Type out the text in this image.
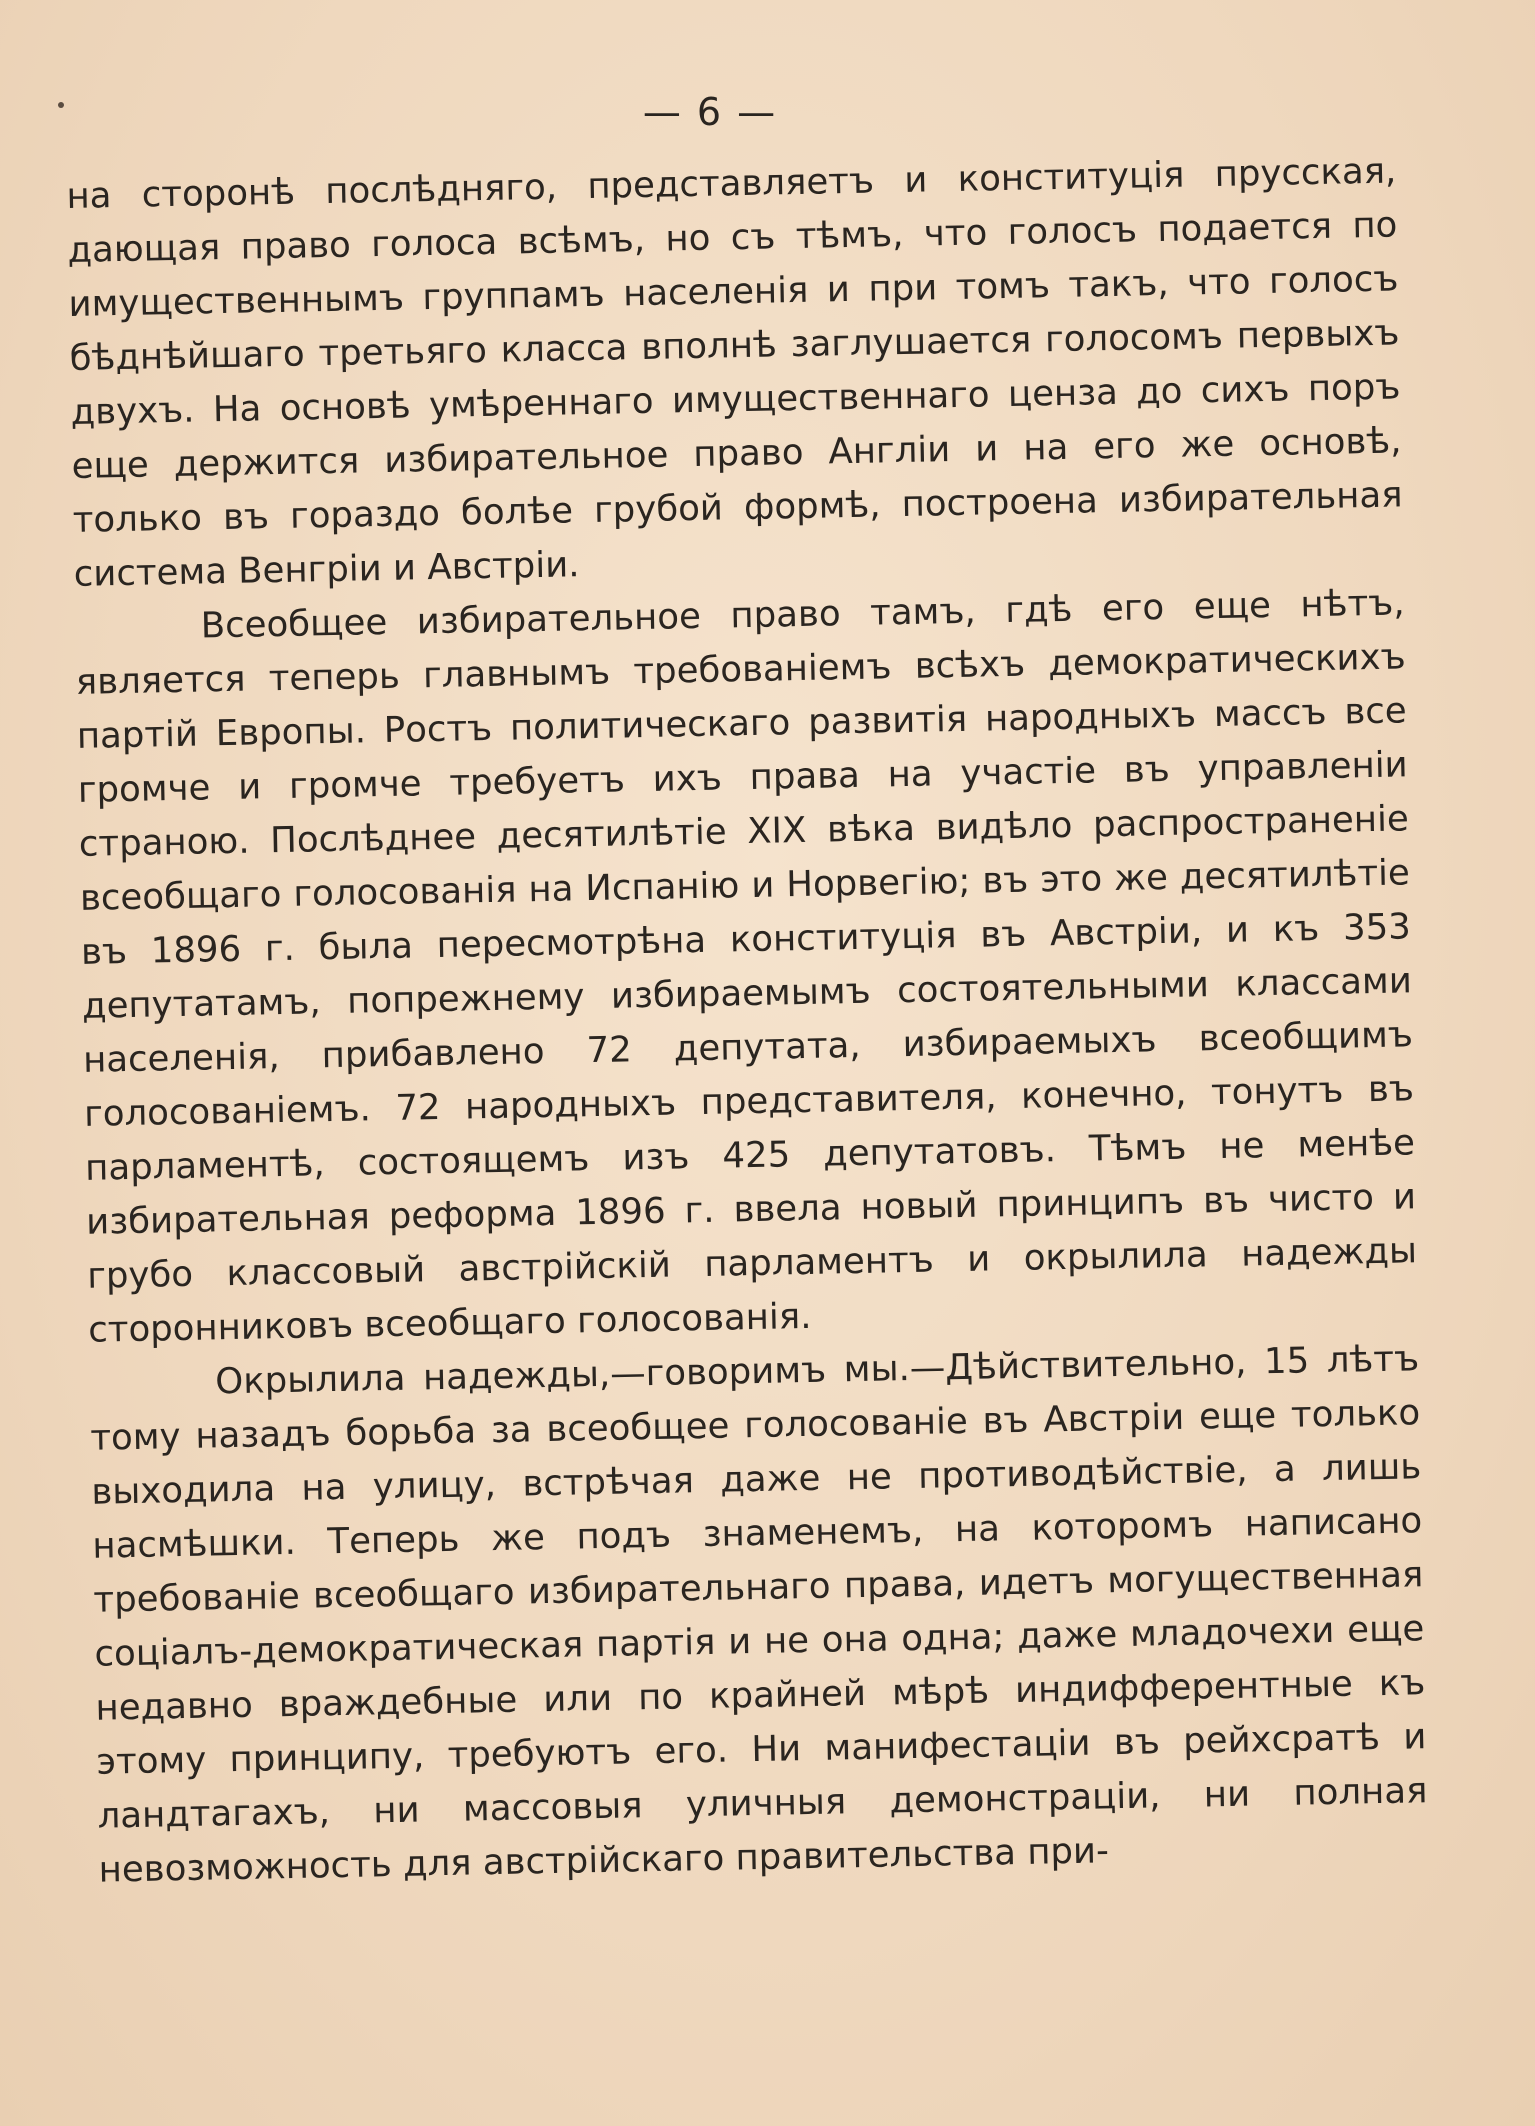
— 6 —

на сторонѣ послѣдняго, представляетъ и конституція прусская, дающая право голоса всѣмъ, но съ тѣмъ, что голосъ подается по имущественнымъ группамъ населенія и при томъ такъ, что голосъ бѣднѣйшаго третьяго класса вполнѣ заглушается голосомъ первыхъ двухъ. На основѣ умѣреннаго имущественнаго ценза до сихъ поръ еще держится избирательное право Англіи и на его же основѣ, только въ гораздо болѣе грубой формѣ, построена избирательная система Венгріи и Австріи.

Всеобщее избирательное право тамъ, гдѣ его еще нѣтъ, является теперь главнымъ требованіемъ всѣхъ демократическихъ партій Европы. Ростъ политическаго развитія народныхъ массъ все громче и громче требуетъ ихъ права на участіе въ управленіи страною. Послѣднее десятилѣтіе XIX вѣка видѣло распространеніе всеобщаго голосованія на Испанію и Норвегію; въ это же десятилѣтіе въ 1896 г. была пересмотрѣна конституція въ Австріи, и къ 353 депутатамъ, попрежнему избираемымъ состоятельными классами населенія, прибавлено 72 депутата, избираемыхъ всеобщимъ голосованіемъ. 72 народныхъ представителя, конечно, тонутъ въ парламентѣ, состоящемъ изъ 425 депутатовъ. Тѣмъ не менѣе избирательная реформа 1896 г. ввела новый принципъ въ чисто и грубо классовый австрійскій парламентъ и окрылила надежды сторонниковъ всеобщаго голосованія.

Окрылила надежды,—говоримъ мы.—Дѣйствительно, 15 лѣтъ тому назадъ борьба за всеобщее голосованіе въ Австріи еще только выходила на улицу, встрѣчая даже не противодѣйствіе, а лишь насмѣшки. Теперь же подъ знаменемъ, на которомъ написано требованіе всеобщаго избирательнаго права, идетъ могущественная соціалъ-демократическая партія и не она одна; даже младочехи еще недавно враждебные или по крайней мѣрѣ индифферентные къ этому принципу, требуютъ его. Ни манифестаціи въ рейхсратѣ и ландтагахъ, ни массовыя уличныя демонстраціи, ни полная невозможность для австрійскаго правительства при-
